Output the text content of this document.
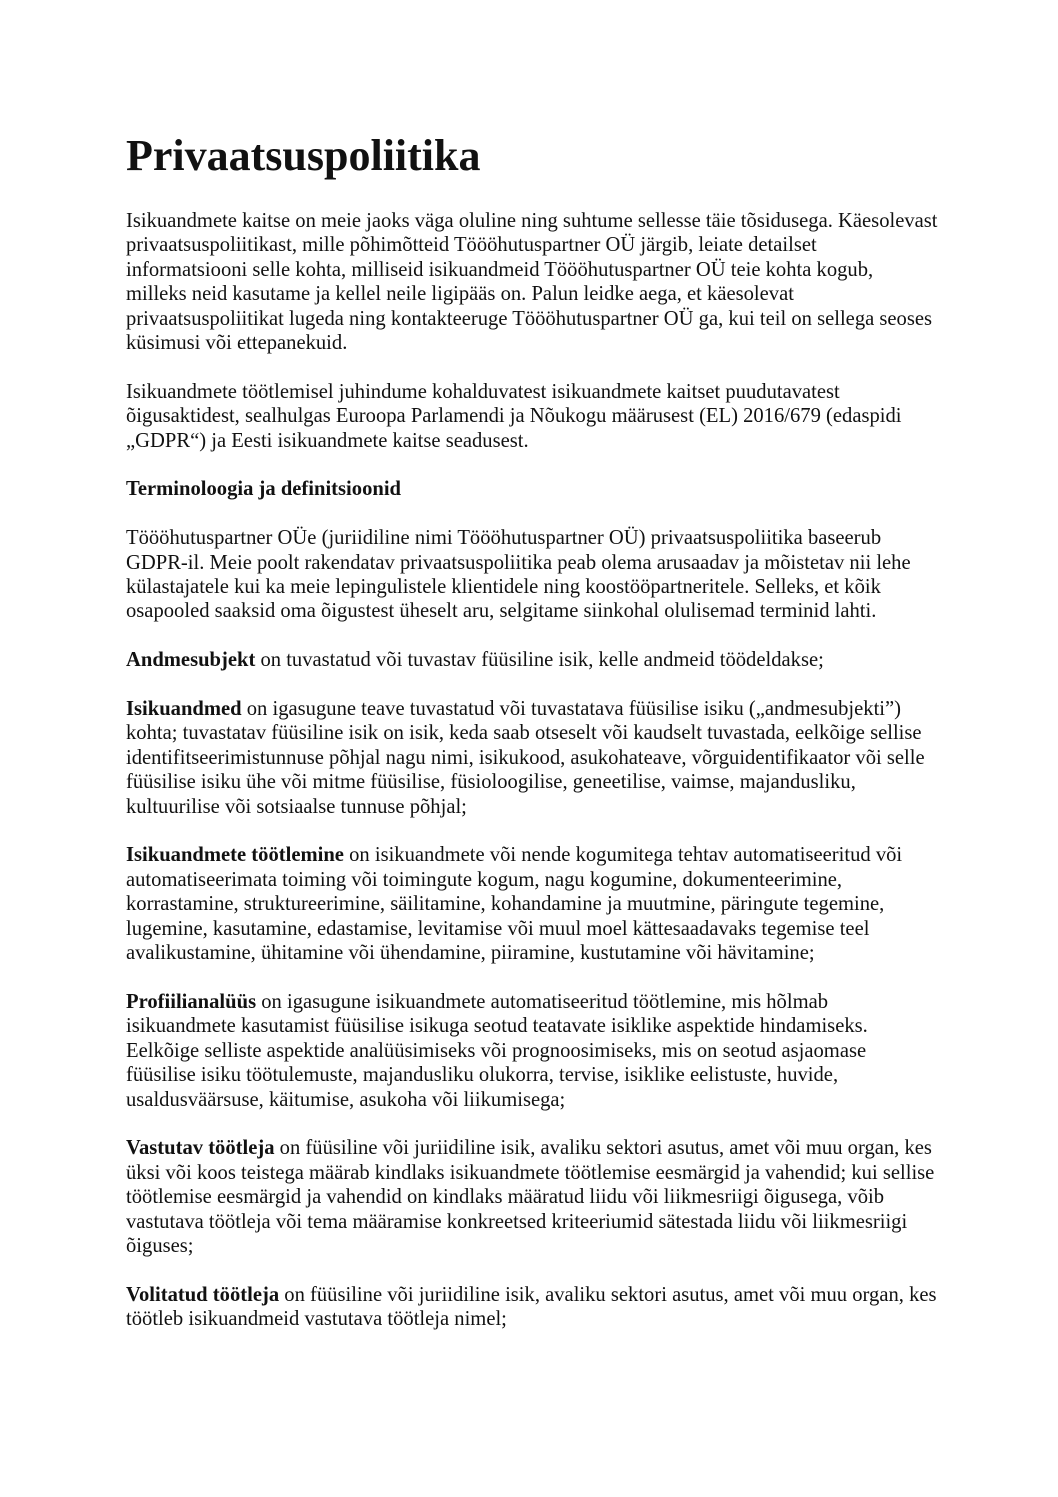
Privaatsuspoliitika

Isikuandmete kaitse on meie jaoks väga oluline ning suhtume sellesse täie tõsidusega. Käesolevast privaatsuspoliitikast, mille põhimõtteid Töööhutuspartner OÜ järgib, leiate detailset informatsiooni selle kohta, milliseid isikuandmeid Töööhutuspartner OÜ teie kohta kogub, milleks neid kasutame ja kellel neile ligipääs on. Palun leidke aega, et käesolevat privaatsuspoliitikat lugeda ning kontakteeruge Töööhutuspartner OÜ ga, kui teil on sellega seoses küsimusi või ettepanekuid.

Isikuandmete töötlemisel juhindume kohalduvatest isikuandmete kaitset puudutavatest õigusaktidest, sealhulgas Euroopa Parlamendi ja Nõukogu määrusest (EL) 2016/679 (edaspidi „GDPR“) ja Eesti isikuandmete kaitse seadusest.

Terminoloogia ja definitsioonid

Töööhutuspartner OÜe (juriidiline nimi Töööhutuspartner OÜ) privaatsuspoliitika baseerub GDPR-il. Meie poolt rakendatav privaatsuspoliitika peab olema arusaadav ja mõistetav nii lehe külastajatele kui ka meie lepingulistele klientidele ning koostööpartneritele. Selleks, et kõik osapooled saaksid oma õigustest üheselt aru, selgitame siinkohal olulisemad terminid lahti.

Andmesubjekt on tuvastatud või tuvastav füüsiline isik, kelle andmeid töödeldakse;

Isikuandmed on igasugune teave tuvastatud või tuvastatava füüsilise isiku („andmesubjekti”) kohta; tuvastatav füüsiline isik on isik, keda saab otseselt või kaudselt tuvastada, eelkõige sellise identifitseerimistunnuse põhjal nagu nimi, isikukood, asukohateave, võrguidentifikaator või selle füüsilise isiku ühe või mitme füüsilise, füsioloogilise, geneetilise, vaimse, majandusliku, kultuurilise või sotsiaalse tunnuse põhjal;

Isikuandmete töötlemine on isikuandmete või nende kogumitega tehtav automatiseeritud või automatiseerimata toiming või toimingute kogum, nagu kogumine, dokumenteerimine, korrastamine, struktureerimine, säilitamine, kohandamine ja muutmine, päringute tegemine, lugemine, kasutamine, edastamise, levitamise või muul moel kättesaadavaks tegemise teel avalikustamine, ühitamine või ühendamine, piiramine, kustutamine või hävitamine;

Profiilianalüüs on igasugune isikuandmete automatiseeritud töötlemine, mis hõlmab isikuandmete kasutamist füüsilise isikuga seotud teatavate isiklike aspektide hindamiseks. Eelkõige selliste aspektide analüüsimiseks või prognoosimiseks, mis on seotud asjaomase füüsilise isiku töötulemuste, majandusliku olukorra, tervise, isiklike eelistuste, huvide, usaldusväärsuse, käitumise, asukoha või liikumisega;

Vastutav töötleja on füüsiline või juriidiline isik, avaliku sektori asutus, amet või muu organ, kes üksi või koos teistega määrab kindlaks isikuandmete töötlemise eesmärgid ja vahendid; kui sellise töötlemise eesmärgid ja vahendid on kindlaks määratud liidu või liikmesriigi õigusega, võib vastutava töötleja või tema määramise konkreetsed kriteeriumid sätestada liidu või liikmesriigi õiguses;

Volitatud töötleja on füüsiline või juriidiline isik, avaliku sektori asutus, amet või muu organ, kes töötleb isikuandmeid vastutava töötleja nimel;
